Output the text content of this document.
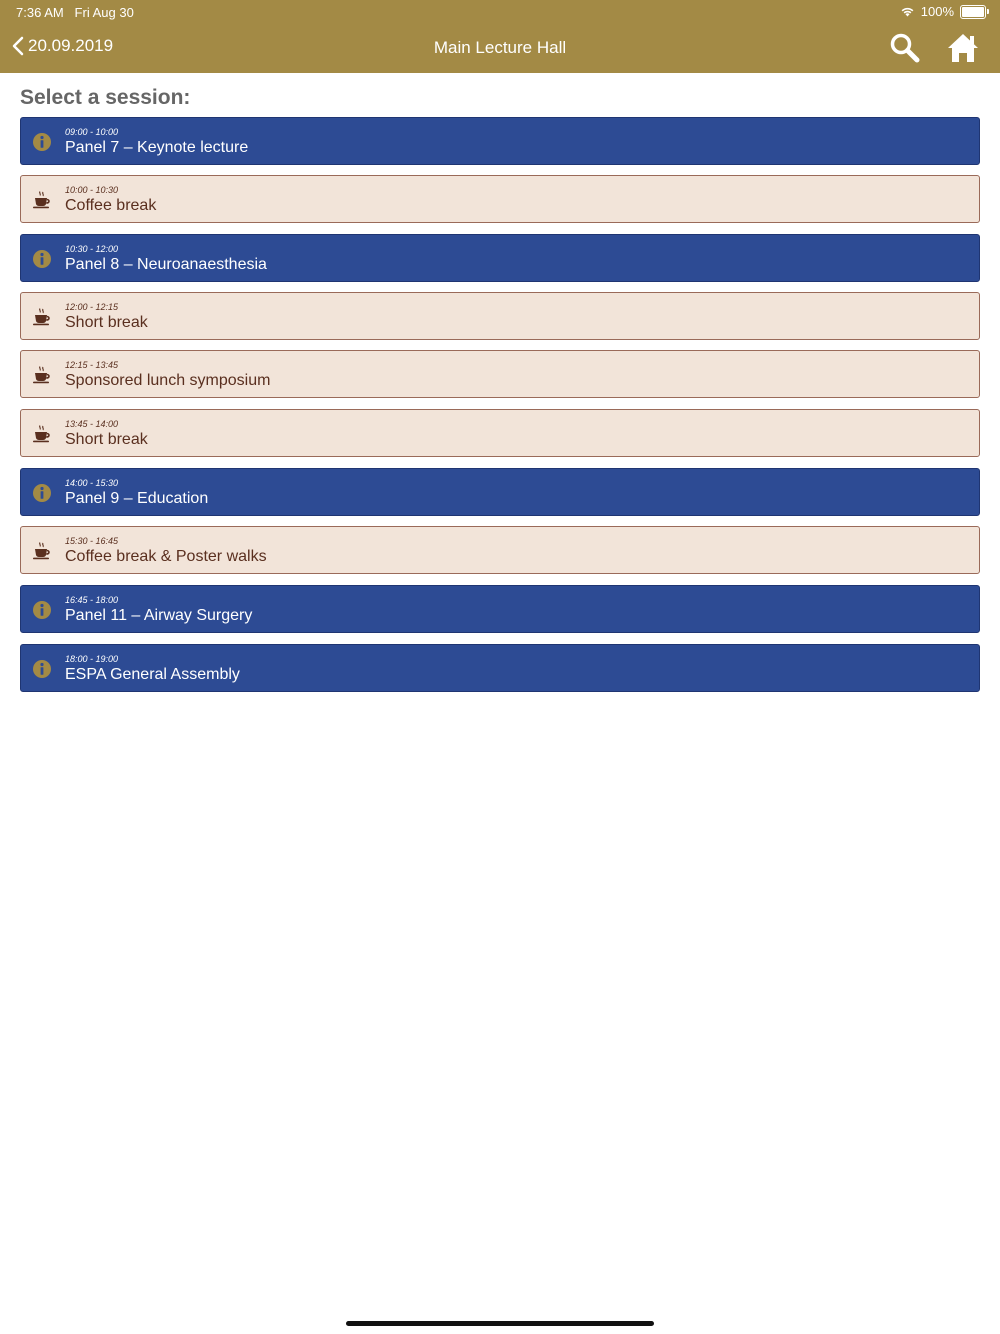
7:36 AM Fri Aug 30	100%
20.09.2019	Main Lecture Hall
Select a session:
09:00 - 10:00
Panel 7 – Keynote lecture
10:00 - 10:30
Coffee break
10:30 - 12:00
Panel 8 – Neuroanaesthesia
12:00 - 12:15
Short break
12:15 - 13:45
Sponsored lunch symposium
13:45 - 14:00
Short break
14:00 - 15:30
Panel 9 – Education
15:30 - 16:45
Coffee break & Poster walks
16:45 - 18:00
Panel 11 – Airway Surgery
18:00 - 19:00
ESPA General Assembly
